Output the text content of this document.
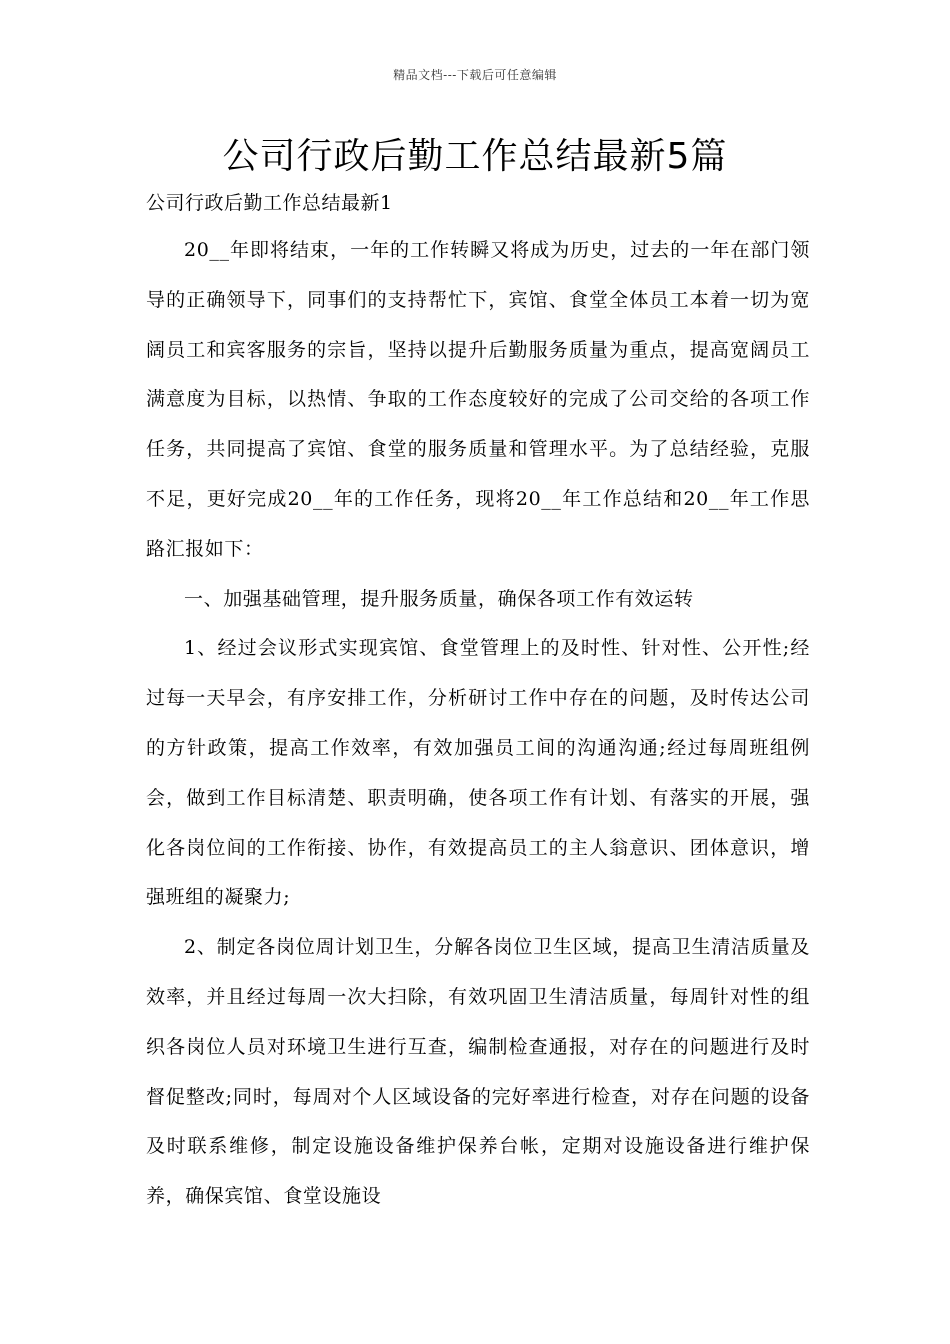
精品文档---下载后可任意编辑
公司行政后勤工作总结最新5篇
公司行政后勤工作总结最新1

20__年即将结束，一年的工作转瞬又将成为历史，过去的一年在部门领导的正确领导下，同事们的支持帮忙下，宾馆、食堂全体员工本着一切为宽阔员工和宾客服务的宗旨，坚持以提升后勤服务质量为重点，提高宽阔员工满意度为目标，以热情、争取的工作态度较好的完成了公司交给的各项工作任务，共同提高了宾馆、食堂的服务质量和管理水平。为了总结经验，克服不足，更好完成20__年的工作任务，现将20__年工作总结和20__年工作思路汇报如下：

一、加强基础管理，提升服务质量，确保各项工作有效运转

1、经过会议形式实现宾馆、食堂管理上的及时性、针对性、公开性;经过每一天早会，有序安排工作，分析研讨工作中存在的问题，及时传达公司的方针政策，提高工作效率，有效加强员工间的沟通沟通;经过每周班组例会，做到工作目标清楚、职责明确，使各项工作有计划、有落实的开展，强化各岗位间的工作衔接、协作，有效提高员工的主人翁意识、团体意识，增强班组的凝聚力;

2、制定各岗位周计划卫生，分解各岗位卫生区域，提高卫生清洁质量及效率，并且经过每周一次大扫除，有效巩固卫生清洁质量，每周针对性的组织各岗位人员对环境卫生进行互查，编制检查通报，对存在的问题进行及时督促整改;同时，每周对个人区域设备的完好率进行检查，对存在问题的设备及时联系维修，制定设施设备维护保养台帐，定期对设施设备进行维护保养，确保宾馆、食堂设施设
